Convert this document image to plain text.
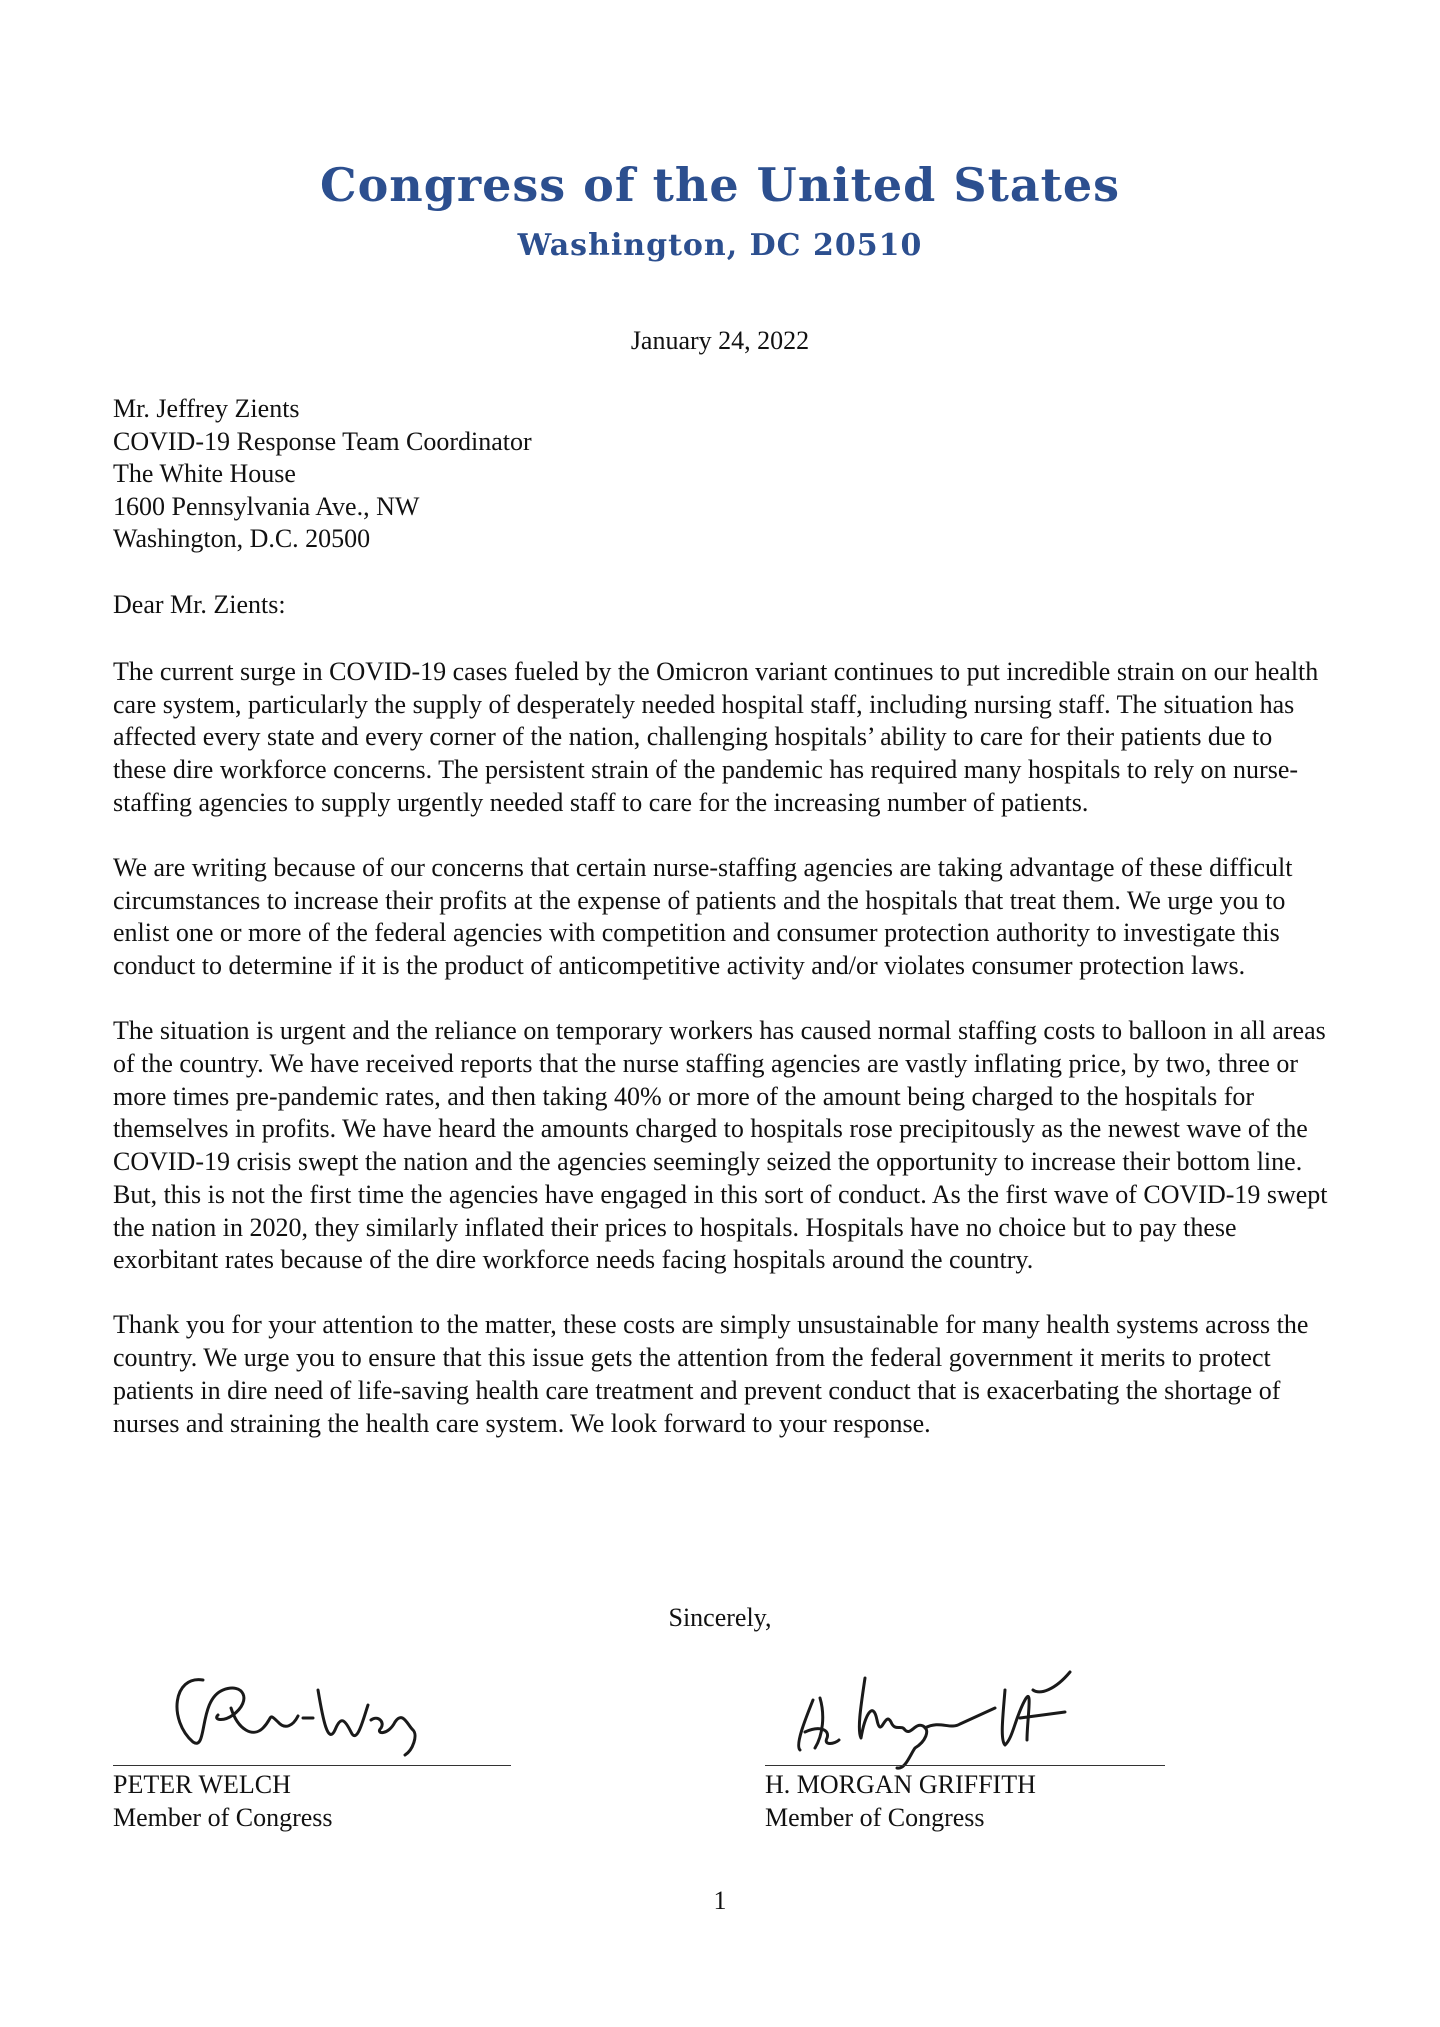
Congress of the United States
Washington, DC 20510
January 24, 2022
Mr. Jeffrey Zients
COVID-19 Response Team Coordinator
The White House
1600 Pennsylvania Ave., NW
Washington, D.C. 20500
Dear Mr. Zients:

The current surge in COVID-19 cases fueled by the Omicron variant continues to put incredible strain on our health care system, particularly the supply of desperately needed hospital staff, including nursing staff. The situation has affected every state and every corner of the nation, challenging hospitals’ ability to care for their patients due to these dire workforce concerns. The persistent strain of the pandemic has required many hospitals to rely on nurse-staffing agencies to supply urgently needed staff to care for the increasing number of patients.

We are writing because of our concerns that certain nurse-staffing agencies are taking advantage of these difficult circumstances to increase their profits at the expense of patients and the hospitals that treat them. We urge you to enlist one or more of the federal agencies with competition and consumer protection authority to investigate this conduct to determine if it is the product of anticompetitive activity and/or violates consumer protection laws.

The situation is urgent and the reliance on temporary workers has caused normal staffing costs to balloon in all areas of the country. We have received reports that the nurse staffing agencies are vastly inflating price, by two, three or more times pre-pandemic rates, and then taking 40% or more of the amount being charged to the hospitals for themselves in profits. We have heard the amounts charged to hospitals rose precipitously as the newest wave of the COVID-19 crisis swept the nation and the agencies seemingly seized the opportunity to increase their bottom line. But, this is not the first time the agencies have engaged in this sort of conduct. As the first wave of COVID-19 swept the nation in 2020, they similarly inflated their prices to hospitals. Hospitals have no choice but to pay these exorbitant rates because of the dire workforce needs facing hospitals around the country.

Thank you for your attention to the matter, these costs are simply unsustainable for many health systems across the country. We urge you to ensure that this issue gets the attention from the federal government it merits to protect patients in dire need of life-saving health care treatment and prevent conduct that is exacerbating the shortage of nurses and straining the health care system. We look forward to your response.

Sincerely,
PETER WELCH
Member of Congress
H. MORGAN GRIFFITH
Member of Congress
1
